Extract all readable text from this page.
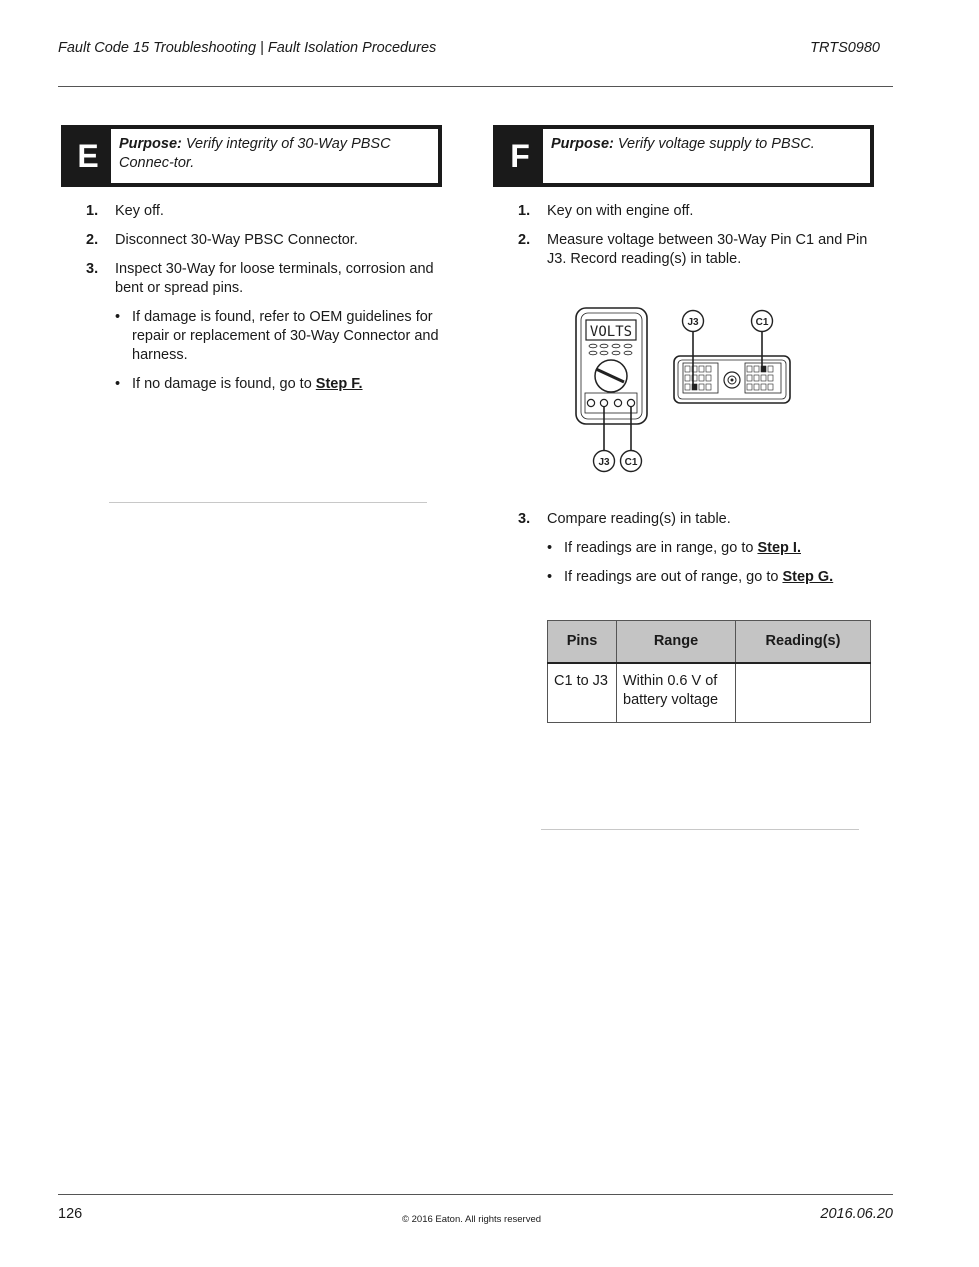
Fault Code 15 Troubleshooting | Fault Isolation Procedures	TRTS0980
E	Purpose: Verify integrity of 30-Way PBSC Connec-tor.
1. Key off.
2. Disconnect 30-Way PBSC Connector.
3. Inspect 30-Way for loose terminals, corrosion and bent or spread pins.
• If damage is found, refer to OEM guidelines for repair or replacement of 30-Way Connector and harness.
• If no damage is found, go to Step F.
F	Purpose: Verify voltage supply to PBSC.
1. Key on with engine off.
2. Measure voltage between 30-Way Pin C1 and Pin J3. Record reading(s) in table.
VOLTS
J3 C1
J3	C1
3. Compare reading(s) in table.
• If readings are in range, go to Step I.
• If readings are out of range, go to Step G.
Pins	Range	Reading(s)
C1 to J3	Within 0.6 V of battery voltage	
126	© 2016 Eaton. All rights reserved	2016.06.20
